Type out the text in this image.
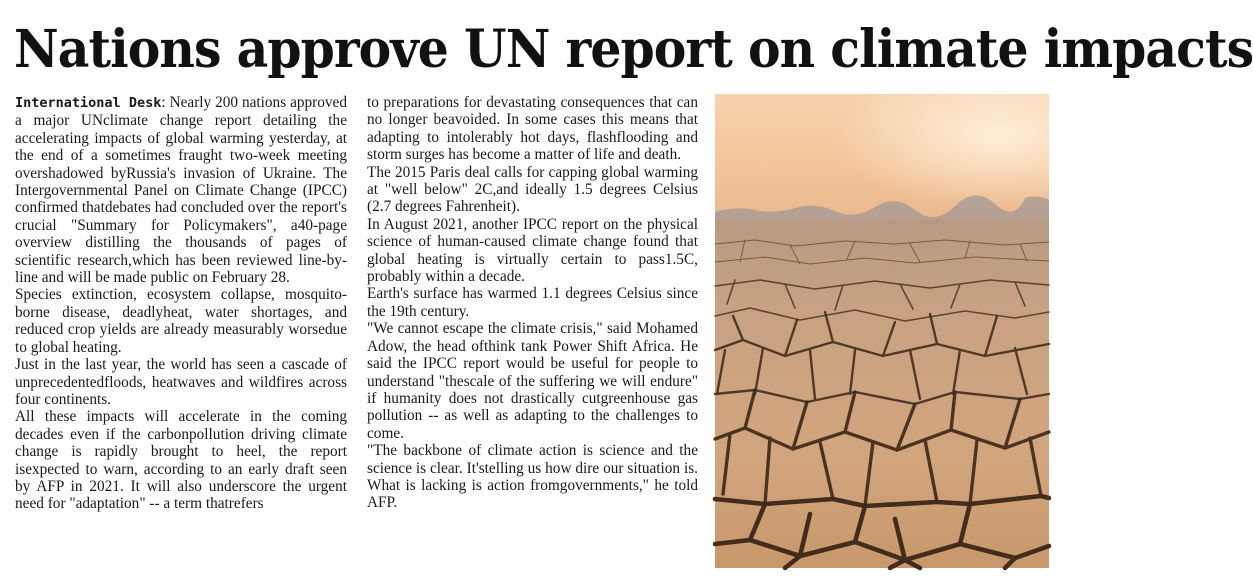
Nations approve UN report on climate impacts

International Desk: Nearly 200 nations approved a major UNclimate change report detailing the accelerating impacts of global warming yesterday, at the end of a sometimes fraught two-week meeting overshadowed byRussia's invasion of Ukraine. The Intergovernmental Panel on Climate Change (IPCC) confirmed thatdebates had concluded over the report's crucial "Summary for Policymakers", a40-page overview distilling the thousands of pages of scientific research,which has been reviewed line-by-line and will be made public on February 28.

Species extinction, ecosystem collapse, mosquito-borne disease, deadlyheat, water shortages, and reduced crop yields are already measurably worsedue to global heating.

Just in the last year, the world has seen a cascade of unprecedentedfloods, heatwaves and wildfires across four continents.

All these impacts will accelerate in the coming decades even if the carbonpollution driving climate change is rapidly brought to heel, the report isexpected to warn, according to an early draft seen by AFP in 2021. It will also underscore the urgent need for "adaptation" -- a term thatrefers

to preparations for devastating consequences that can no longer beavoided. In some cases this means that adapting to intolerably hot days, flashflooding and storm surges has become a matter of life and death.

The 2015 Paris deal calls for capping global warming at "well below" 2C,and ideally 1.5 degrees Celsius (2.7 degrees Fahrenheit).

In August 2021, another IPCC report on the physical science of human-caused climate change found that global heating is virtually certain to pass1.5C, probably within a decade.

Earth's surface has warmed 1.1 degrees Celsius since the 19th century.

"We cannot escape the climate crisis," said Mohamed Adow, the head ofthink tank Power Shift Africa. He said the IPCC report would be useful for people to understand "thescale of the suffering we will endure" if humanity does not drastically cutgreenhouse gas pollution -- as well as adapting to the challenges to come.

"The backbone of climate action is science and the science is clear. It'stelling us how dire our situation is. What is lacking is action fromgovernments," he told AFP.
